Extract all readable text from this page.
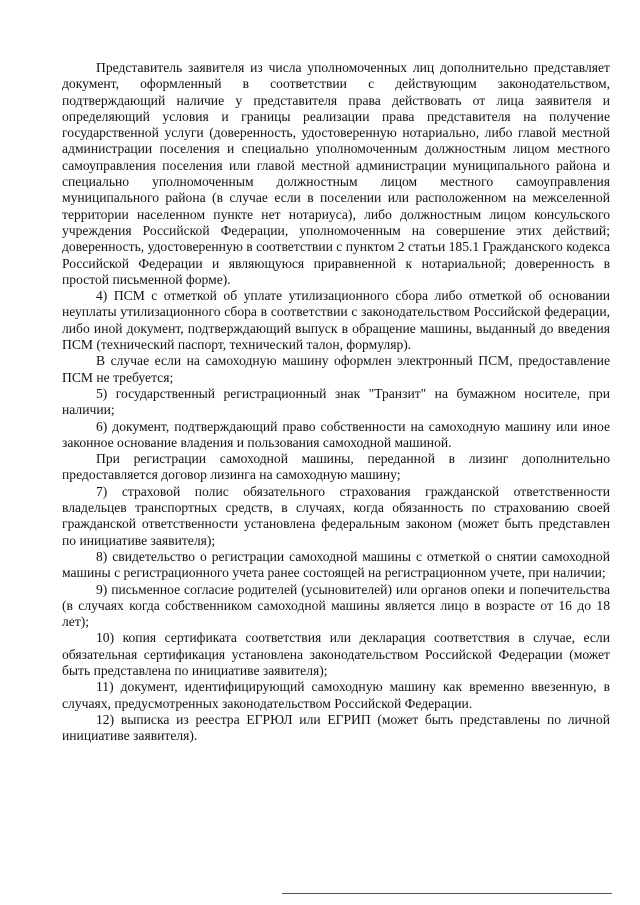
Представитель заявителя из числа уполномоченных лиц дополнительно представляет документ, оформленный в соответствии с действующим законодательством, подтверждающий наличие у представителя права действовать от лица заявителя и определяющий условия и границы реализации права представителя на получение государственной услуги (доверенность, удостоверенную нотариально, либо главой местной администрации поселения и специально уполномоченным должностным лицом местного самоуправления поселения или главой местной администрации муниципального района и специально уполномоченным должностным лицом местного самоуправления муниципального района (в случае если в поселении или расположенном на межселенной территории населенном пункте нет нотариуса), либо должностным лицом консульского учреждения Российской Федерации, уполномоченным на совершение этих действий; доверенность, удостоверенную в соответствии с пунктом 2 статьи 185.1 Гражданского кодекса Российской Федерации и являющуюся приравненной к нотариальной; доверенность в простой письменной форме).

4) ПСМ с отметкой об уплате утилизационного сбора либо отметкой об основании неуплаты утилизационного сбора в соответствии с законодательством Российской федерации, либо иной документ, подтверждающий выпуск в обращение машины, выданный до введения ПСМ (технический паспорт, технический талон, формуляр).

В случае если на самоходную машину оформлен электронный ПСМ, предоставление ПСМ не требуется;

5) государственный регистрационный знак "Транзит" на бумажном носителе, при наличии;

6) документ, подтверждающий право собственности на самоходную машину или иное законное основание владения и пользования самоходной машиной.

При регистрации самоходной машины, переданной в лизинг дополнительно предоставляется договор лизинга на самоходную машину;

7) страховой полис обязательного страхования гражданской ответственности владельцев транспортных средств, в случаях, когда обязанность по страхованию своей гражданской ответственности установлена федеральным законом (может быть представлен по инициативе заявителя);

8) свидетельство о регистрации самоходной машины с отметкой о снятии самоходной машины с регистрационного учета ранее состоящей на регистрационном учете, при наличии;

9) письменное согласие родителей (усыновителей) или органов опеки и попечительства (в случаях когда собственником самоходной машины является лицо в возрасте от 16 до 18 лет);

10) копия сертификата соответствия или декларация соответствия в случае, если обязательная сертификация установлена законодательством Российской Федерации (может быть представлена по инициативе заявителя);

11) документ, идентифицирующий самоходную машину как временно ввезенную, в случаях, предусмотренных законодательством Российской Федерации.

12) выписка из реестра ЕГРЮЛ или ЕГРИП (может быть представлены по личной инициативе заявителя).
